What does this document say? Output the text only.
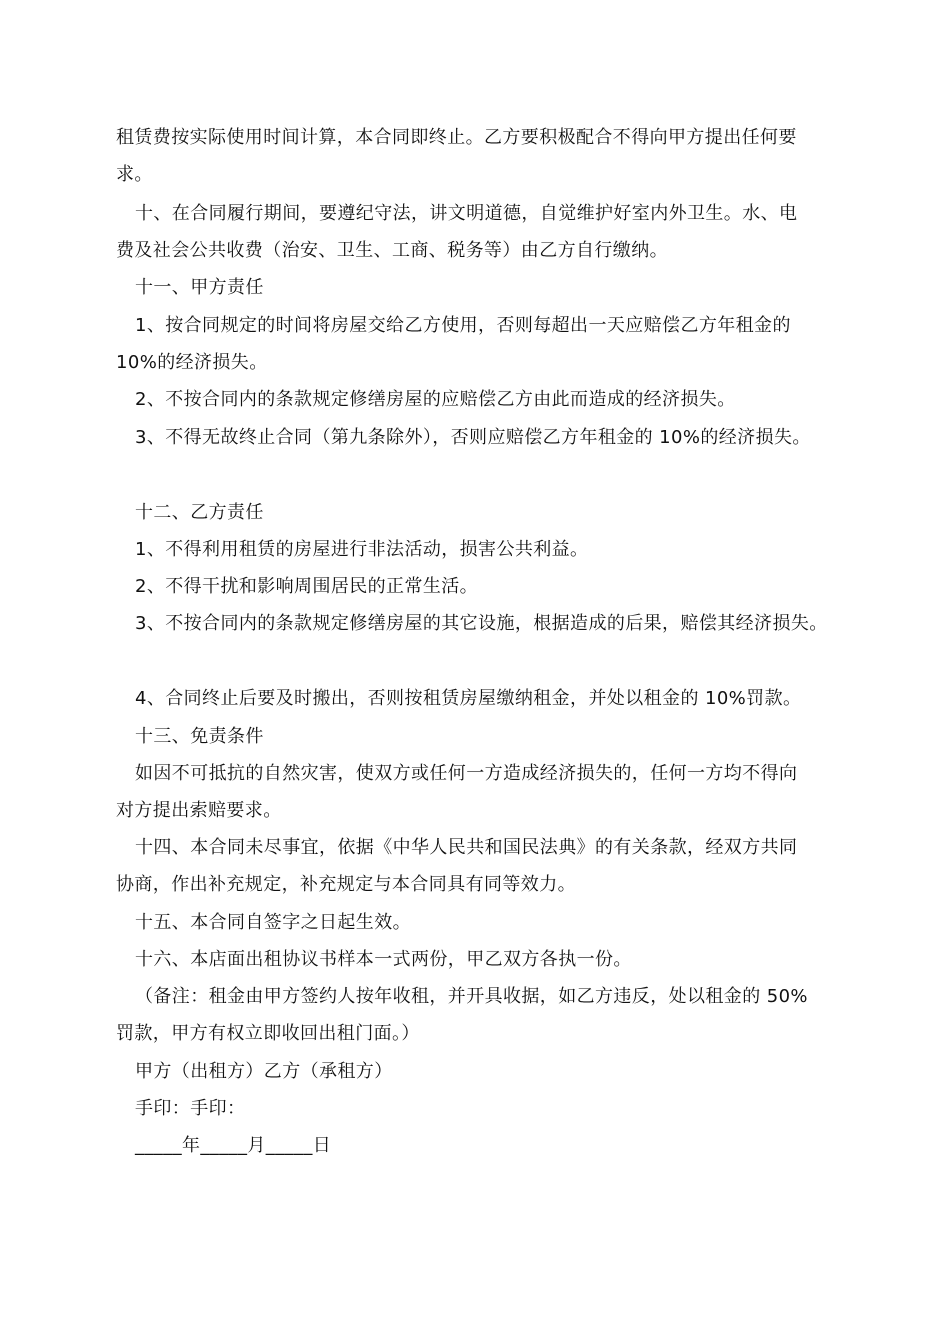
租赁费按实际使用时间计算，本合同即终止。乙方要积极配合不得向甲方提出任何要
求。
十、在合同履行期间，要遵纪守法，讲文明道德，自觉维护好室内外卫生。水、电
费及社会公共收费（治安、卫生、工商、税务等）由乙方自行缴纳。
十一、甲方责任
1、按合同规定的时间将房屋交给乙方使用，否则每超出一天应赔偿乙方年租金的
10%的经济损失。
2、不按合同内的条款规定修缮房屋的应赔偿乙方由此而造成的经济损失。
3、不得无故终止合同（第九条除外），否则应赔偿乙方年租金的 10%的经济损失。
十二、乙方责任
1、不得利用租赁的房屋进行非法活动，损害公共利益。
2、不得干扰和影响周围居民的正常生活。
3、不按合同内的条款规定修缮房屋的其它设施，根据造成的后果，赔偿其经济损失。
4、合同终止后要及时搬出，否则按租赁房屋缴纳租金，并处以租金的 10%罚款。
十三、免责条件
如因不可抵抗的自然灾害，使双方或任何一方造成经济损失的，任何一方均不得向
对方提出索赔要求。
十四、本合同未尽事宜，依据《中华人民共和国民法典》的有关条款，经双方共同
协商，作出补充规定，补充规定与本合同具有同等效力。
十五、本合同自签字之日起生效。
十六、本店面出租协议书样本一式两份，甲乙双方各执一份。
（备注：租金由甲方签约人按年收租，并开具收据，如乙方违反，处以租金的 50%
罚款，甲方有权立即收回出租门面。）
甲方（出租方）乙方（承租方）
手印：手印：
_____年_____月_____日
